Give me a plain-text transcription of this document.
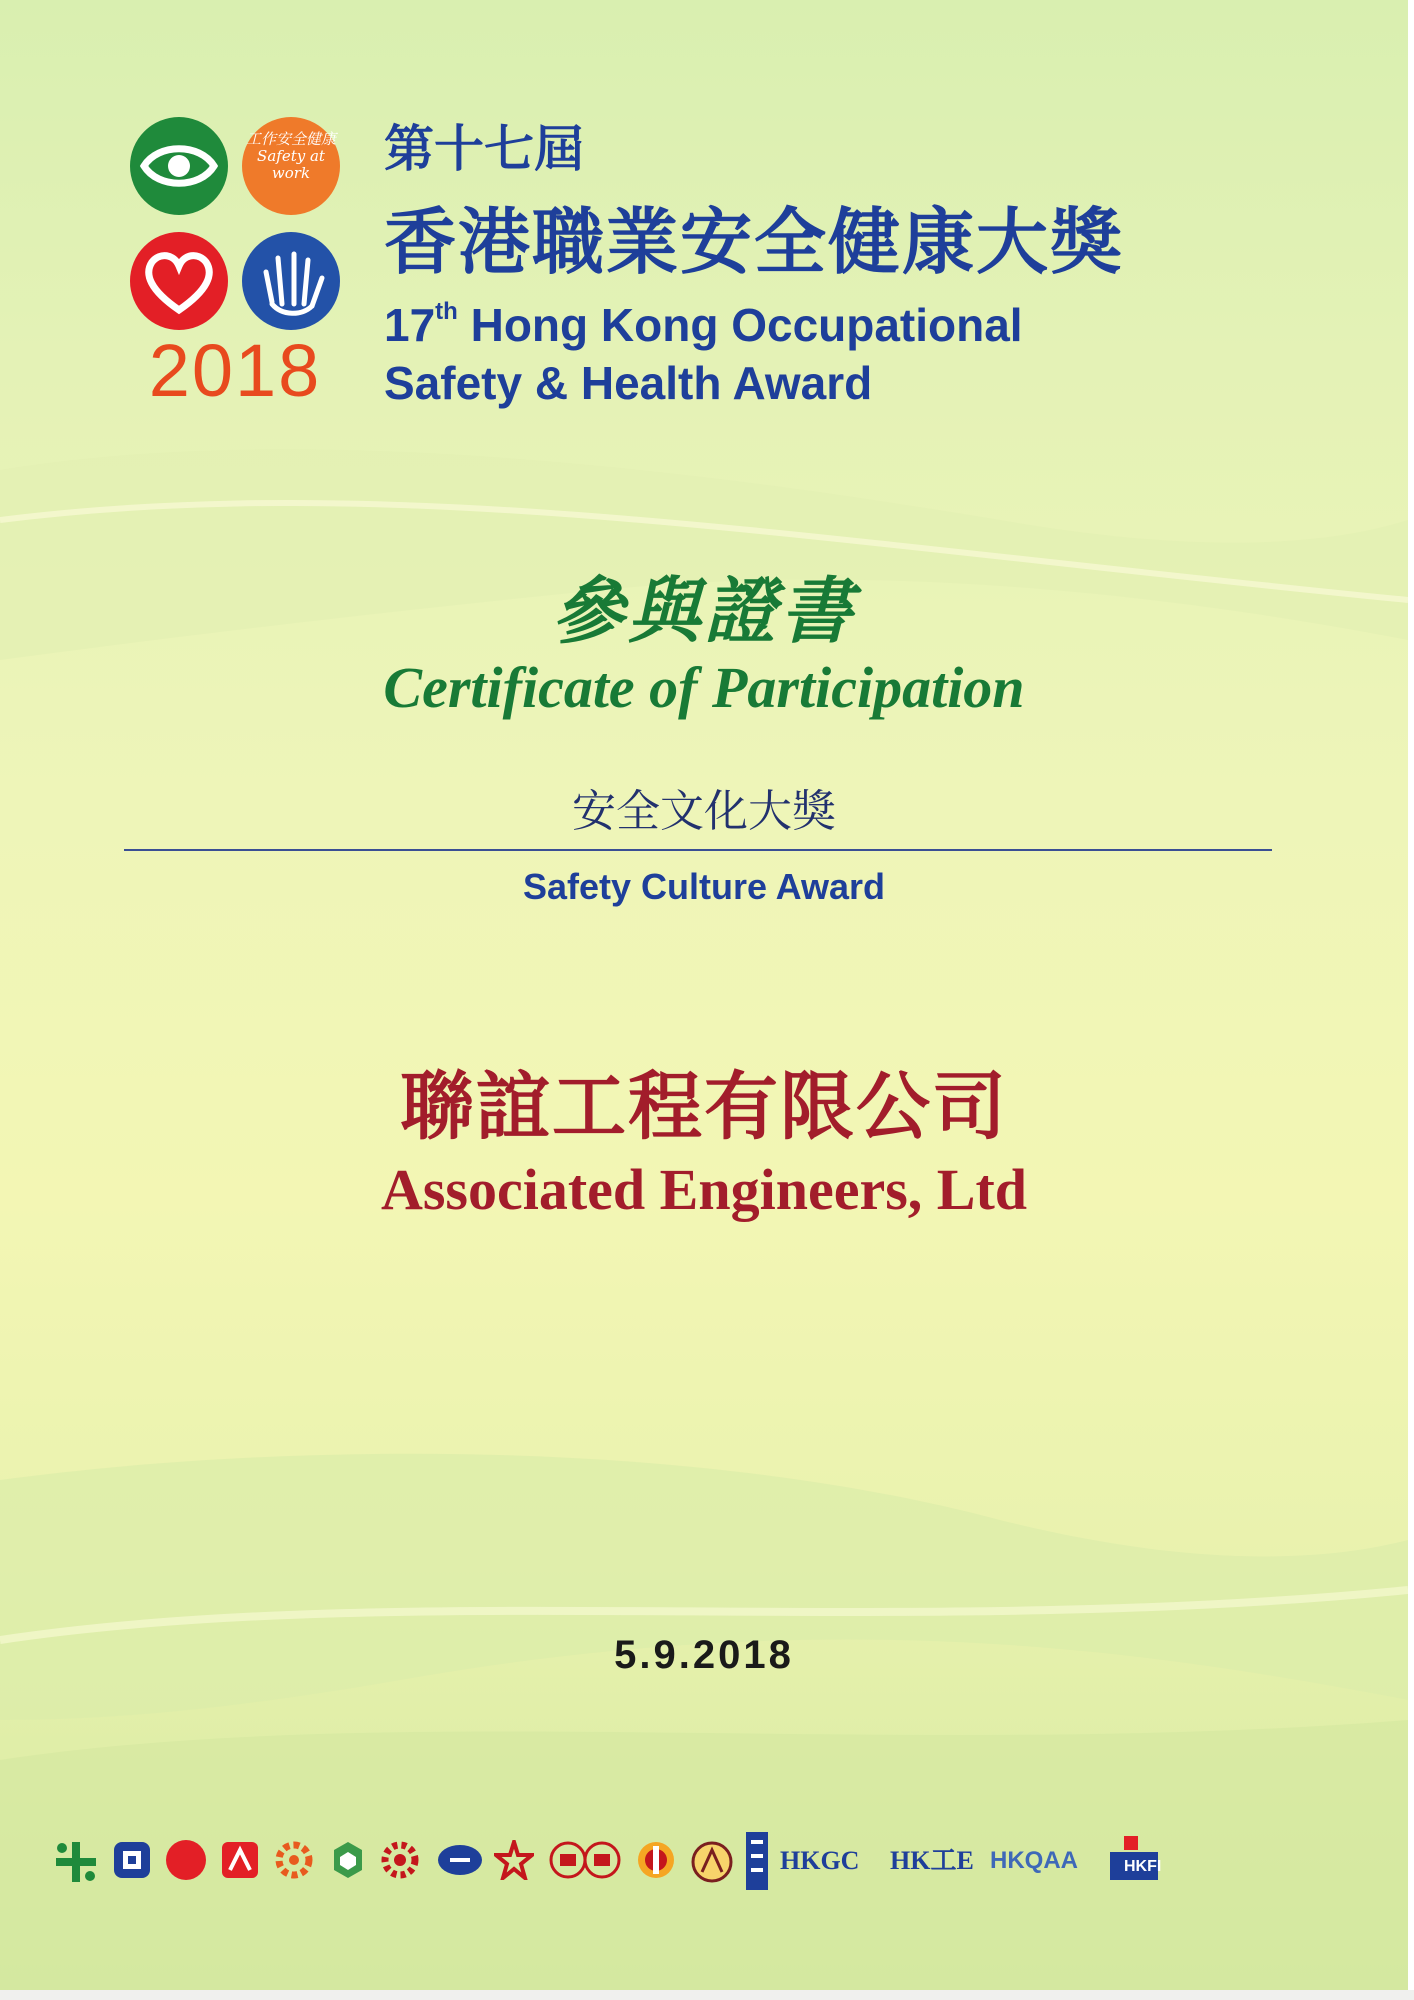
工作安全健康 Safety at work
2018
第十七屆
香港職業安全健康大獎
17th Hong Kong Occupational
Safety & Health Award
參與證書
Certificate of Participation
安全文化大獎
Safety Culture Award
聯誼工程有限公司
Associated Engineers, Ltd
5.9.2018
HKGC HK工E HKQAA	HKFI
